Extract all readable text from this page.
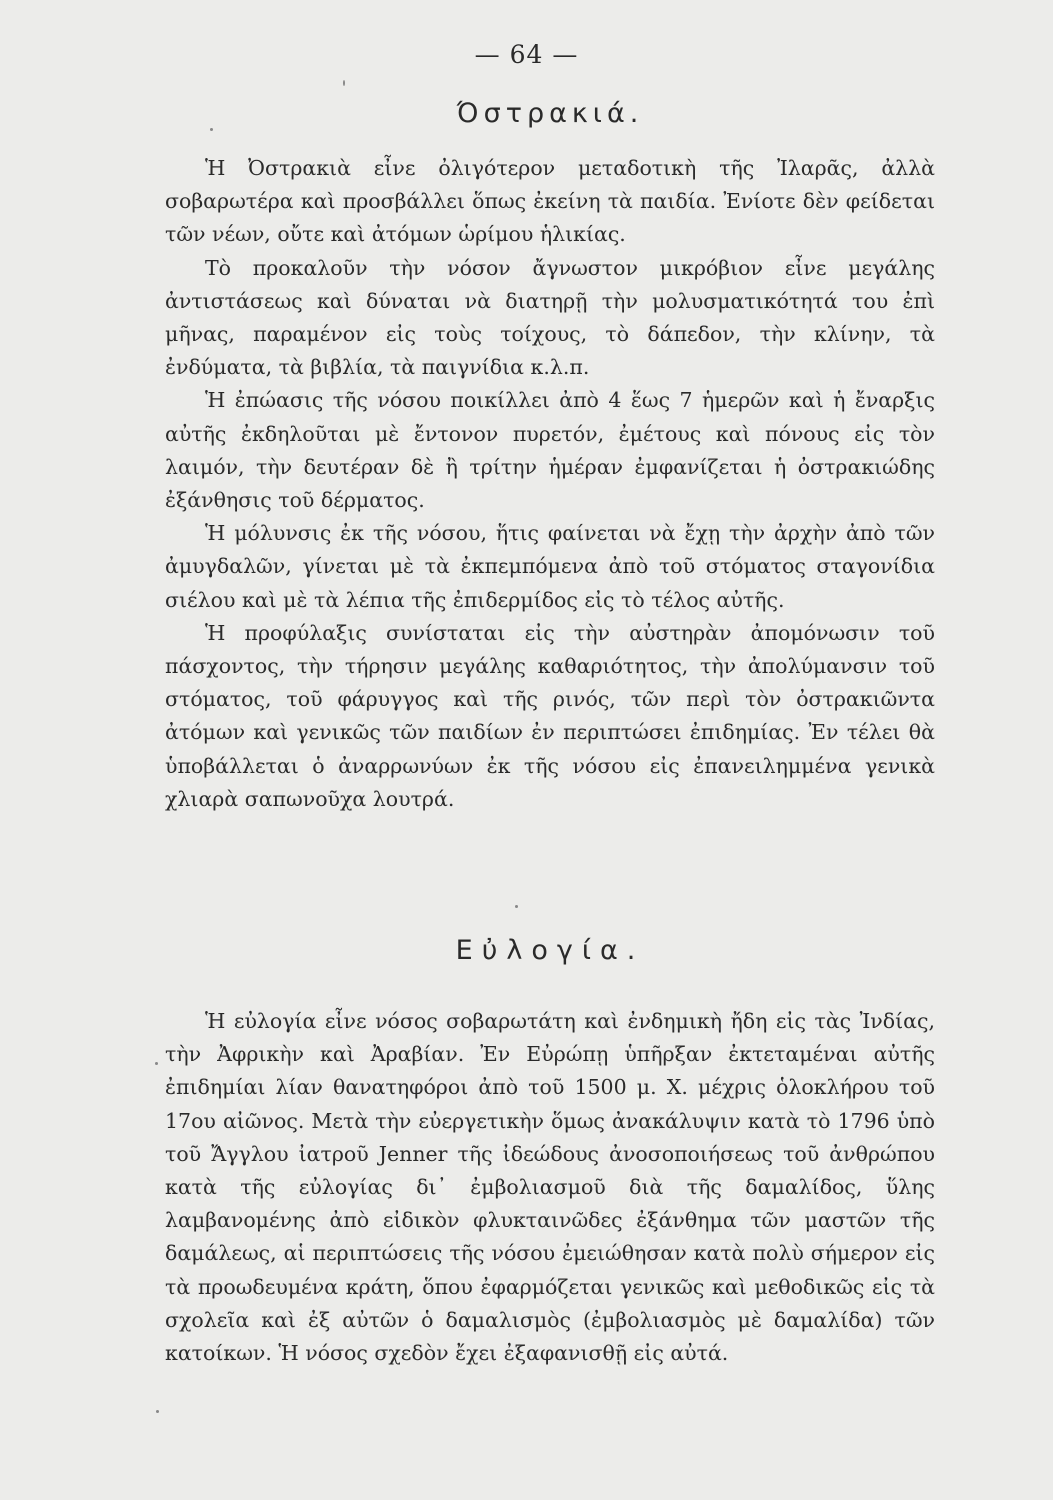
— 64 —
Όστρακιά.

Ἡ Ὀστρακιὰ εἶνε ὀλιγότερον μεταδοτικὴ τῆς Ἰλαρᾶς, ἀλλὰ σοβαρωτέρα καὶ προσβάλλει ὅπως ἐκείνη τὰ παιδία. Ἐνίοτε δὲν φείδεται τῶν νέων, οὔτε καὶ ἀτόμων ὡρίμου ἡλικίας.

Τὸ προκαλοῦν τὴν νόσον ἄγνωστον μικρόβιον εἶνε μεγάλης ἀντιστάσεως καὶ δύναται νὰ διατηρῇ τὴν μολυσματικότητά του ἐπὶ μῆνας, παραμένον εἰς τοὺς τοίχους, τὸ δάπεδον, τὴν κλίνην, τὰ ἐνδύματα, τὰ βιβλία, τὰ παιγνίδια κ.λ.π.

Ἡ ἐπώασις τῆς νόσου ποικίλλει ἀπὸ 4 ἕως 7 ἡμερῶν καὶ ἡ ἔναρξις αὐτῆς ἐκδηλοῦται μὲ ἔντονον πυρετόν, ἐμέτους καὶ πόνους εἰς τὸν λαιμόν, τὴν δευτέραν δὲ ἢ τρίτην ἡμέραν ἐμφανίζεται ἡ ὀστρακιώδης ἐξάνθησις τοῦ δέρματος.

Ἡ μόλυνσις ἐκ τῆς νόσου, ἥτις φαίνεται νὰ ἔχῃ τὴν ἀρχὴν ἀπὸ τῶν ἀμυγδαλῶν, γίνεται μὲ τὰ ἐκπεμπόμενα ἀπὸ τοῦ στόματος σταγονίδια σιέλου καὶ μὲ τὰ λέπια τῆς ἐπιδερμίδος εἰς τὸ τέλος αὐτῆς.

Ἡ προφύλαξις συνίσταται εἰς τὴν αὐστηρὰν ἀπομόνωσιν τοῦ πάσχοντος, τὴν τήρησιν μεγάλης καθαριότητος, τὴν ἀπολύμανσιν τοῦ στόματος, τοῦ φάρυγγος καὶ τῆς ρινός, τῶν περὶ τὸν ὀστρακιῶντα ἀτόμων καὶ γενικῶς τῶν παιδίων ἐν περιπτώσει ἐπιδημίας. Ἐν τέλει θὰ ὑποβάλλεται ὁ ἀναρρωνύων ἐκ τῆς νόσου εἰς ἐπανειλημμένα γενικὰ χλιαρὰ σαπωνοῦχα λουτρά.

Εὐλογία.

Ἡ εὐλογία εἶνε νόσος σοβαρωτάτη καὶ ἐνδημικὴ ἤδη εἰς τὰς Ἰνδίας, τὴν Ἀφρικὴν καὶ Ἀραβίαν. Ἐν Εὐρώπῃ ὑπῆρξαν ἐκτεταμέναι αὐτῆς ἐπιδημίαι λίαν θανατηφόροι ἀπὸ τοῦ 1500 μ. Χ. μέχρις ὁλοκλήρου τοῦ 17ου αἰῶνος. Μετὰ τὴν εὐεργετικὴν ὅμως ἀνακάλυψιν κατὰ τὸ 1796 ὑπὸ τοῦ Ἄγγλου ἰατροῦ Jenner τῆς ἰδεώδους ἀνοσοποιήσεως τοῦ ἀνθρώπου κατὰ τῆς εὐλογίας δι᾽ ἐμβολιασμοῦ διὰ τῆς δαμαλίδος, ὕλης λαμβανομένης ἀπὸ εἰδικὸν φλυκταινῶδες ἐξάνθημα τῶν μαστῶν τῆς δαμάλεως, αἱ περιπτώσεις τῆς νόσου ἐμειώθησαν κατὰ πολὺ σήμερον εἰς τὰ προωδευμένα κράτη, ὅπου ἐφαρμόζεται γενικῶς καὶ μεθοδικῶς εἰς τὰ σχολεῖα καὶ ἐξ αὐτῶν ὁ δαμαλισμὸς (ἐμβολιασμὸς μὲ δαμαλίδα) τῶν κατοίκων. Ἡ νόσος σχεδὸν ἔχει ἐξαφανισθῇ εἰς αὐτά.
